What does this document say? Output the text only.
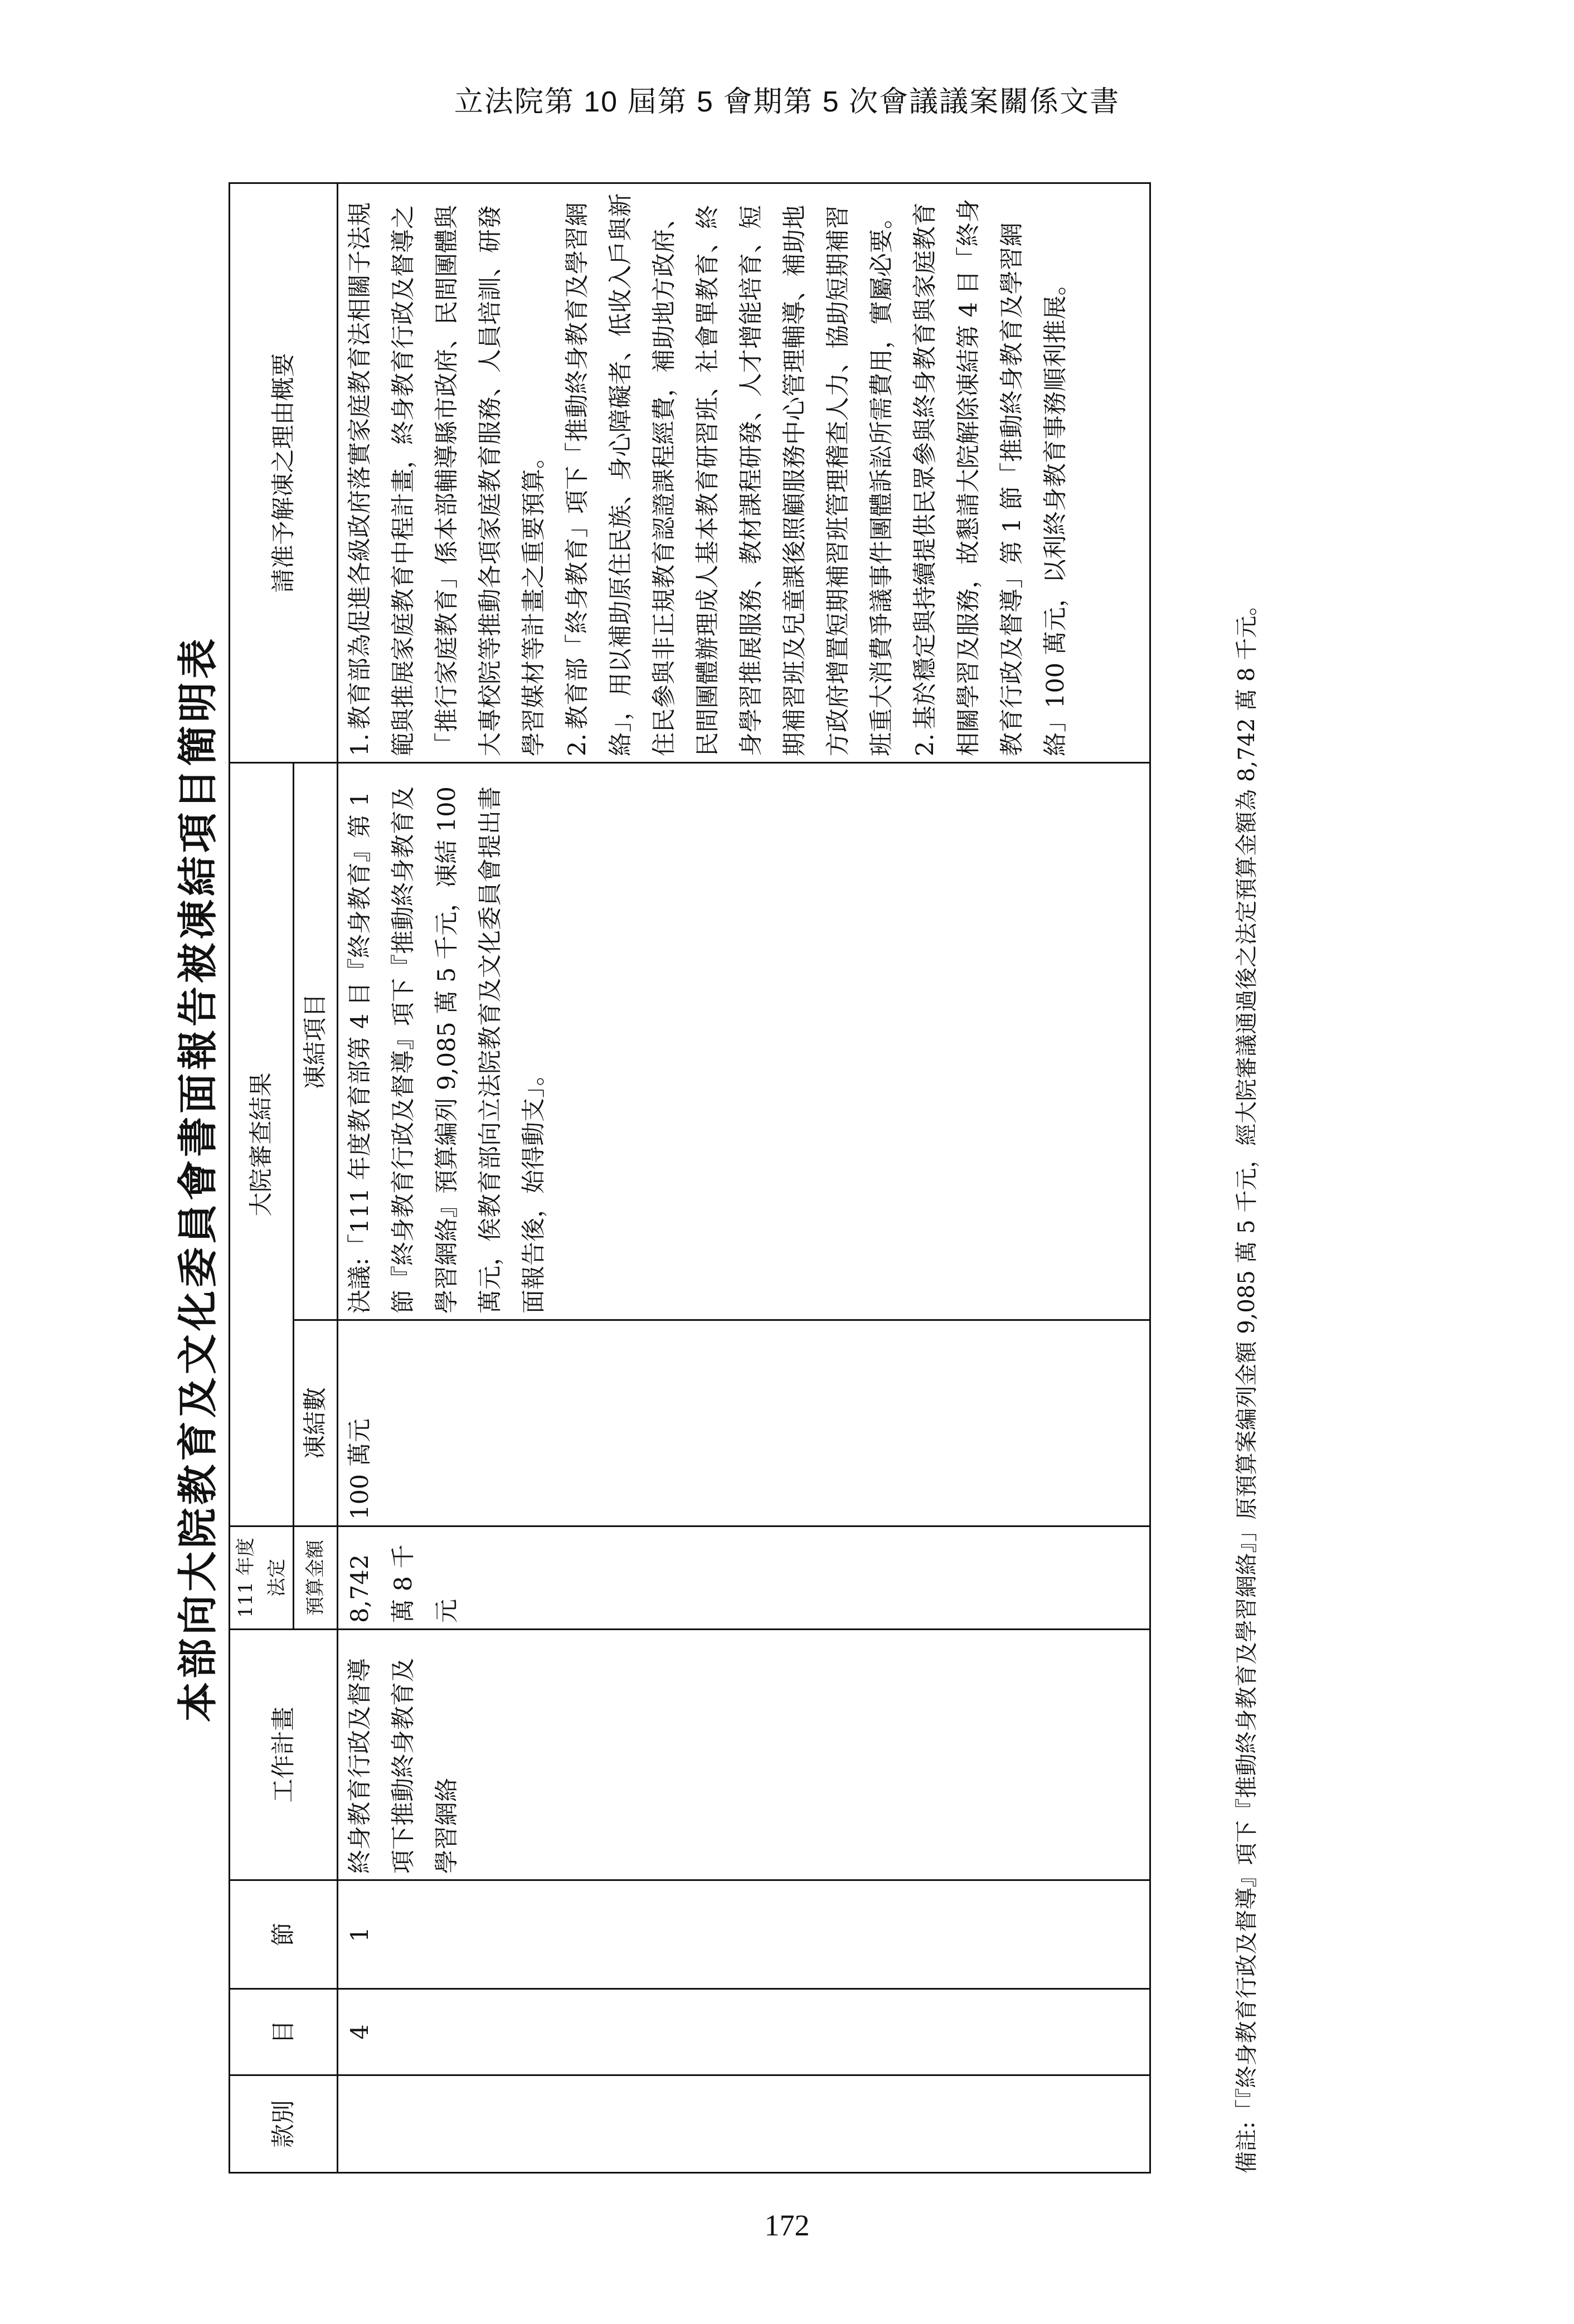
立法院第 10 屆第 5 會期第 5 次會議議案關係文書
本部向大院教育及文化委員會書面報告被凍結項目簡明表
款別	目	節	工作計畫	111 年度法定	大院審查結果		請准予解凍之理由概要
				預算金額	凍結數	凍結項目	
	4	1	終身教育行政及督導項下推動終身教育及學習網絡	8,742 萬 8 千元	100 萬元	決議:「111 年度教育部第 4 目『終身教育』第 1 節『終身教育行政及督導』項下『推動終身教育及學習網絡』預算編列 9,085 萬 5 千元，凍結 100 萬元，俟教育部向立法院教育及文化委員會提出書面報告後，始得動支」。	1.教育部為促進各級政府落實家庭教育法相關子法規範與推展家庭教育中程計畫，終身教育行政及督導之「推行家庭教育」係本部輔導縣市政府、民間團體與大專校院等推動各項家庭教育服務、人員培訓、研發學習媒材等計畫之重要預算。 2.教育部「終身教育」項下「推動終身教育及學習網絡」，用以補助原住民族、身心障礙者、低收入戶與新住民參與非正規教育認證課程經費，補助地方政府、民間團體辦理成人基本教育研習班、社會單教育、終身學習推展服務、教材課程研發、人才增能培育、短期補習班及兒童課後照顧服務中心管理輔導、補助地方政府增置短期補習班管理稽查人力、協助短期補習班重大消費爭議事件團體訴訟所需費用，實屬必要。 2.基於穩定與持續提供民眾參與終身教育與家庭教育相關學習及服務，故懇請大院解除凍結第 4 目「終身教育行政及督導」第 1 節「推動終身教育及學習網絡」100 萬元，以利終身教育事務順利推展。

備註:「『終身教育行政及督導』項下『推動終身教育及學習網絡』」原預算案編列金額 9,085 萬 5 千元，經大院審議通過後之法定預算金額為 8,742 萬 8 千元。
172
